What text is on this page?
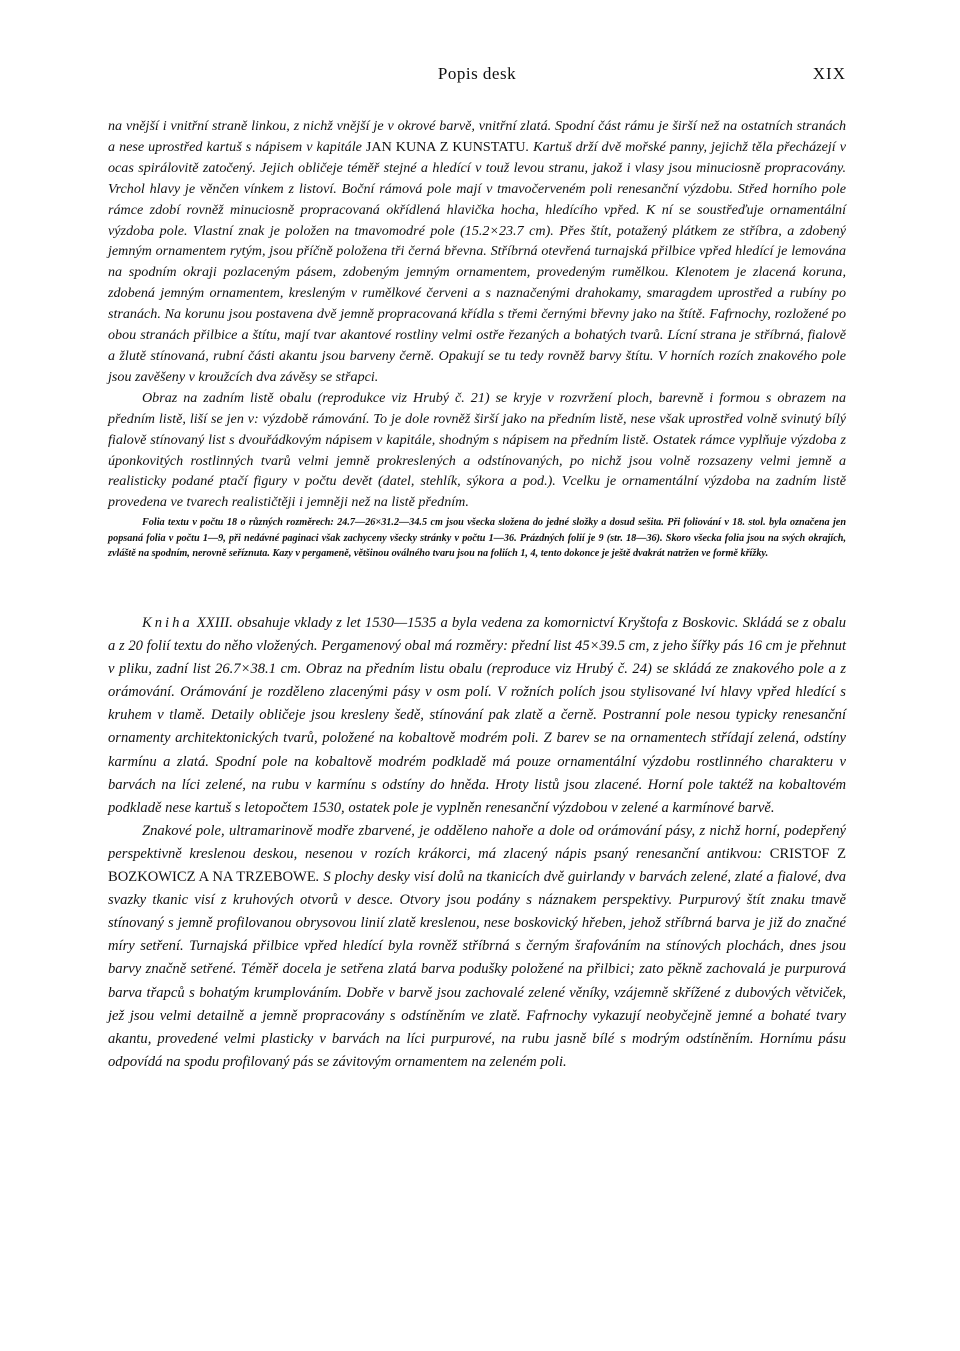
Popis desk	XIX

na vnější i vnitřní straně linkou, z nichž vnější je v okrové barvě, vnitřní zlatá. Spodní část rámu je širší než na ostatních stranách a nese uprostřed kartuš s nápisem v kapitále JAN KUNA Z KUNSTATU. Kartuš drží dvě mořské panny, jejichž těla přecházejí v ocas spirálovitě zatočený. Jejich obličeje téměř stejné a hledící v touž levou stranu, jakož i vlasy jsou minuciosně propracovány. Vrchol hlavy je věnčen vínkem z listoví. Boční rámová pole mají v tmavočerveném poli renesanční výzdobu. Střed horního pole rámce zdobí rovněž minuciosně propracovaná okřídlená hlavička hocha, hledícího vpřed. K ní se soustřeďuje ornamentální výzdoba pole. Vlastní znak je položen na tmavomodré pole (15.2×23.7 cm). Přes štít, potažený plátkem ze stříbra, a zdobený jemným ornamentem rytým, jsou příčně položena tři černá břevna. Stříbrná otevřená turnajská přilbice vpřed hledící je lemována na spodním okraji pozlaceným pásem, zdobeným jemným ornamentem, provedeným rumělkou. Klenotem je zlacená koruna, zdobená jemným ornamentem, kresleným v rumělkové červeni a s naznačenými drahokamy, smaragdem uprostřed a rubíny po stranách. Na korunu jsou postavena dvě jemně propracovaná křídla s třemi černými břevny jako na štítě. Fafrnochy, rozložené po obou stranách přilbice a štítu, mají tvar akantové rostliny velmi ostře řezaných a bohatých tvarů. Lícní strana je stříbrná, fialově a žlutě stínovaná, rubní části akantu jsou barveny černě. Opakují se tu tedy rovněž barvy štítu. V horních rozích znakového pole jsou zavěšeny v kroužcích dva závěsy se střapci.

Obraz na zadním listě obalu (reprodukce viz Hrubý č. 21) se kryje v rozvržení ploch, barevně i formou s obrazem na předním listě, liší se jen v: výzdobě rámování. To je dole rovněž širší jako na předním listě, nese však uprostřed volně svinutý bílý fialově stínovaný list s dvouřádkovým nápisem v kapitále, shodným s nápisem na předním listě. Ostatek rámce vyplňuje výzdoba z úponkovitých rostlinných tvarů velmi jemně prokreslených a odstínovaných, po nichž jsou volně rozsazeny velmi jemně a realisticky podané ptačí figury v počtu devět (datel, stehlík, sýkora a pod.). Vcelku je ornamentální výzdoba na zadním listě provedena ve tvarech realističtěji i jemněji než na listě předním.

Folia textu v počtu 18 o různých rozměrech: 24.7—26×31.2—34.5 cm jsou všecka složena do jedné složky a dosud sešita. Při foliování v 18. stol. byla označena jen popsaná folia v počtu 1—9, při nedávné paginaci však zachyceny všecky stránky v počtu 1—36. Prázdných folií je 9 (str. 18—36). Skoro všecka folia jsou na svých okrajích, zvláště na spodním, nerovně seříznuta. Kazy v pergameně, většinou oválného tvaru jsou na foliích 1, 4, tento dokonce je ještě dvakrát natržen ve formě křížky.

Kniha XXIII. obsahuje vklady z let 1530—1535 a byla vedena za komornictví Kryštofa z Boskovic. Skládá se z obalu a z 20 folií textu do něho vložených. Pergamenový obal má rozměry: přední list 45×39.5 cm, z jeho šířky pás 16 cm je přehnut v pliku, zadní list 26.7×38.1 cm. Obraz na předním listu obalu (reproduce viz Hrubý č. 24) se skládá ze znakového pole a z orámování. Orámování je rozděleno zlacenými pásy v osm polí. V rožních polích jsou stylisované lví hlavy vpřed hledící s kruhem v tlamě. Detaily obličeje jsou kresleny šedě, stínování pak zlatě a černě. Postranní pole nesou typicky renesanční ornamenty architektonických tvarů, položené na kobaltově modrém poli. Z barev se na ornamentech střídají zelená, odstíny karmínu a zlatá. Spodní pole na kobaltově modrém podkladě má pouze ornamentální výzdobu rostlinného charakteru v barvách na líci zelené, na rubu v karmínu s odstíny do hněda. Hroty listů jsou zlacené. Horní pole taktéž na kobaltovém podkladě nese kartuš s letopočtem 1530, ostatek pole je vyplněn renesanční výzdobou v zelené a karmínové barvě.

Znakové pole, ultramarinově modře zbarvené, je odděleno nahoře a dole od orámování pásy, z nichž horní, podepřený perspektivně kreslenou deskou, nesenou v rozích krákorci, má zlacený nápis psaný renesanční antikvou: CRISTOF Z BOZKOWICZ A NA TRZEBOWE. S plochy desky visí dolů na tkanicích dvě guirlandy v barvách zelené, zlaté a fialové, dva svazky tkanic visí z kruhových otvorů v desce. Otvory jsou podány s náznakem perspektivy. Purpurový štít znaku tmavě stínovaný s jemně profilovanou obrysovou linií zlatě kreslenou, nese boskovický hřeben, jehož stříbrná barva je již do značné míry setření. Turnajská přilbice vpřed hledící byla rovněž stříbrná s černým šrafováním na stínových plochách, dnes jsou barvy značně setřené. Téměř docela je setřena zlatá barva podušky položené na přilbici; zato pěkně zachovalá je purpurová barva třapců s bohatým krumplováním. Dobře v barvě jsou zachovalé zelené věníky, vzájemně skřížené z dubových větviček, jež jsou velmi detailně a jemně propracovány s odstíněním ve zlatě. Fafrnochy vykazují neobyčejně jemné a bohaté tvary akantu, provedené velmi plasticky v barvách na líci purpurové, na rubu jasně bílé s modrým odstíněním. Hornímu pásu odpovídá na spodu profilovaný pás se závitovým ornamentem na zeleném poli.
